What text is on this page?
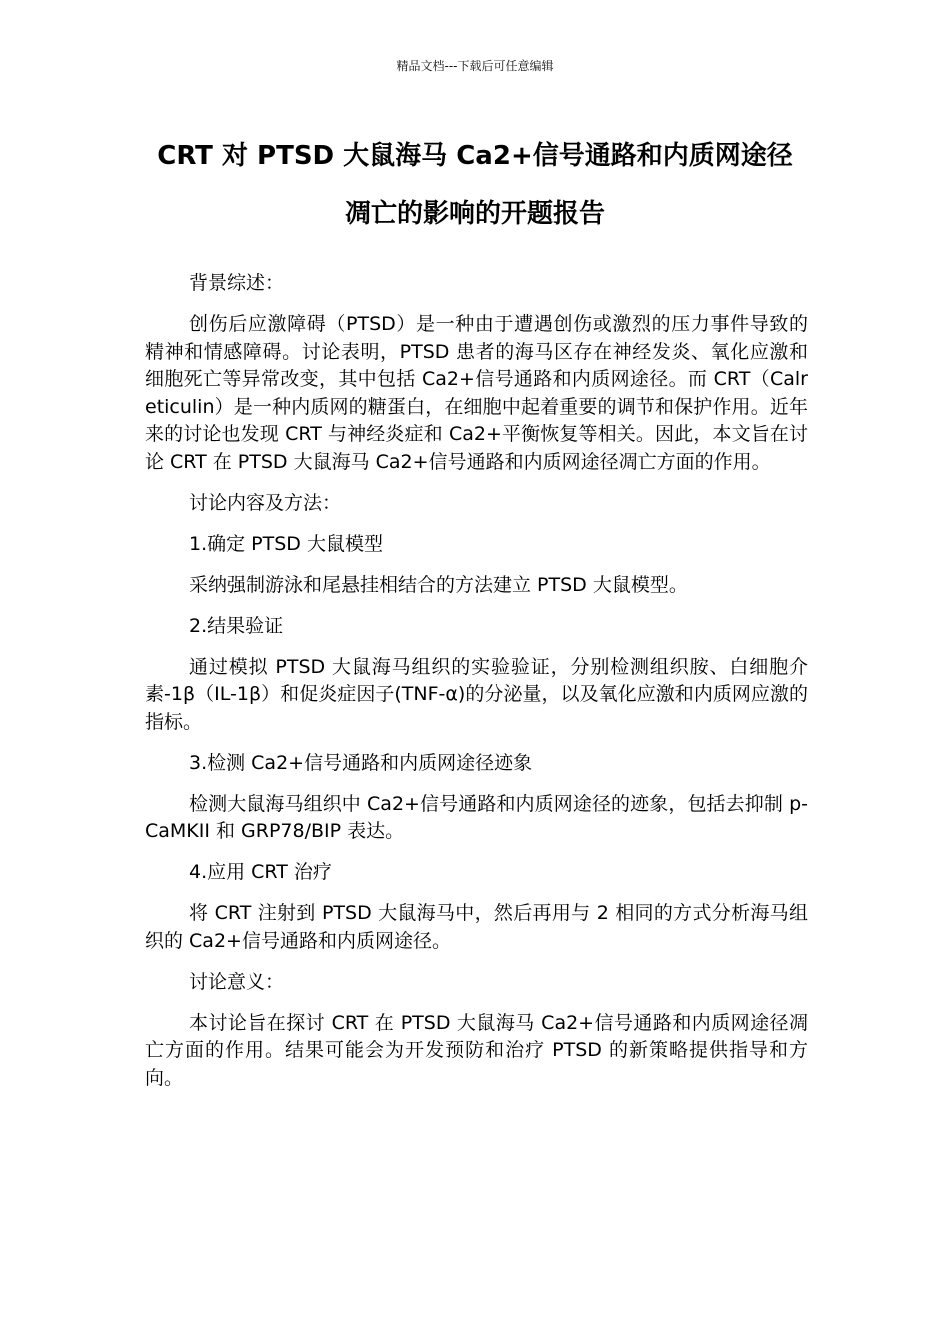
精品文档---下载后可任意编辑
CRT 对 PTSD 大鼠海马 Ca2+信号通路和内质网途径
凋亡的影响的开题报告

背景综述：

创伤后应激障碍（PTSD）是一种由于遭遇创伤或激烈的压力事件导致的精神和情感障碍。讨论表明，PTSD 患者的海马区存在神经发炎、氧化应激和细胞死亡等异常改变，其中包括 Ca2+信号通路和内质网途径。而 CRT（Calreticulin）是一种内质网的糖蛋白，在细胞中起着重要的调节和保护作用。近年来的讨论也发现 CRT 与神经炎症和 Ca2+平衡恢复等相关。因此，本文旨在讨论 CRT 在 PTSD 大鼠海马 Ca2+信号通路和内质网途径凋亡方面的作用。

讨论内容及方法：

1.确定 PTSD 大鼠模型

采纳强制游泳和尾悬挂相结合的方法建立 PTSD 大鼠模型。

2.结果验证

通过模拟 PTSD 大鼠海马组织的实验验证，分别检测组织胺、白细胞介素-1β（IL-1β）和促炎症因子(TNF-α)的分泌量，以及氧化应激和内质网应激的指标。

3.检测 Ca2+信号通路和内质网途径迹象

检测大鼠海马组织中 Ca2+信号通路和内质网途径的迹象，包括去抑制 p-CaMKII 和 GRP78/BIP 表达。

4.应用 CRT 治疗

将 CRT 注射到 PTSD 大鼠海马中，然后再用与 2 相同的方式分析海马组织的 Ca2+信号通路和内质网途径。

讨论意义：

本讨论旨在探讨 CRT 在 PTSD 大鼠海马 Ca2+信号通路和内质网途径凋亡方面的作用。结果可能会为开发预防和治疗 PTSD 的新策略提供指导和方向。
